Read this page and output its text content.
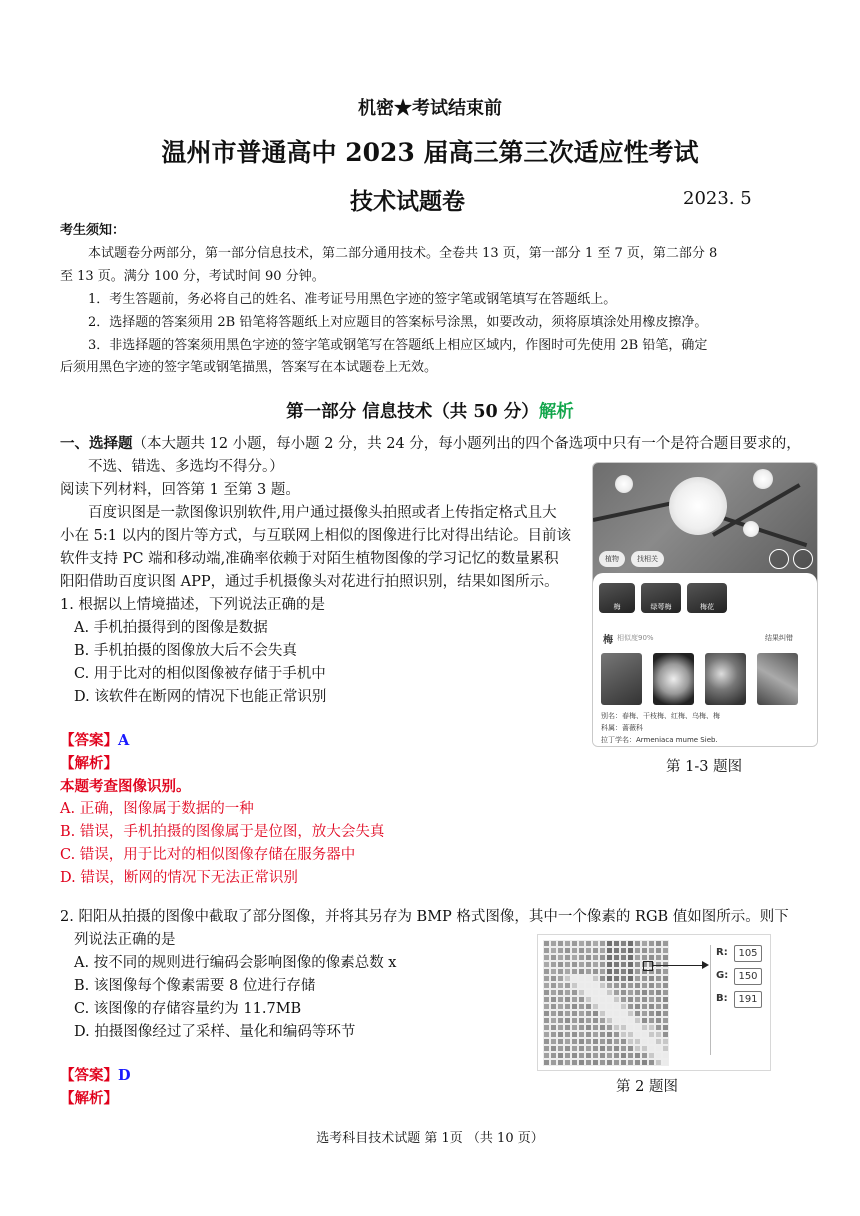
机密★考试结束前
温州市普通高中 2023 届高三第三次适应性考试
技术试题卷	2023. 5
考生须知：
本试题卷分两部分，第一部分信息技术，第二部分通用技术。全卷共 13 页，第一部分 1 至 7 页，第二部分 8
至 13 页。满分 100 分，考试时间 90 分钟。
1．考生答题前，务必将自己的姓名、准考证号用黑色字迹的签字笔或钢笔填写在答题纸上。
2．选择题的答案须用 2B 铅笔将答题纸上对应题目的答案标号涂黑，如要改动，须将原填涂处用橡皮擦净。
3．非选择题的答案须用黑色字迹的签字笔或钢笔写在答题纸上相应区域内，作图时可先使用 2B 铅笔，确定
后须用黑色字迹的签字笔或钢笔描黑，答案写在本试题卷上无效。
第一部分 信息技术（共 50 分）解析
一、选择题（本大题共 12 小题，每小题 2 分，共 24 分，每小题列出的四个备选项中只有一个是符合题目要求的，
不选、错选、多选均不得分。）
阅读下列材料，回答第 1 至第 3 题。
百度识图是一款图像识别软件,用户通过摄像头拍照或者上传指定格式且大
小在 5:1 以内的图片等方式，与互联网上相似的图像进行比对得出结论。目前该
软件支持 PC 端和移动端,准确率依赖于对陌生植物图像的学习记忆的数量累积
阳阳借助百度识图 APP，通过手机摄像头对花进行拍照识别，结果如图所示。
1. 根据以上情境描述，下列说法正确的是
A. 手机拍摄得到的图像是数据
B. 手机拍摄的图像放大后不会失真
C. 用于比对的相似图像被存储于手机中
D. 该软件在断网的情况下也能正常识别
【答案】A
【解析】
本题考查图像识别。
A. 正确，图像属于数据的一种
B. 错误，手机拍摄的图像属于是位图，放大会失真
C. 错误，用于比对的相似图像存储在服务器中
D. 错误，断网的情况下无法正常识别
植物	找相关
梅	绿萼梅	梅花
梅 相似度90%	结果纠错
别名：春梅、干枝梅、红梅、乌梅、梅
科属：蔷薇科
拉丁学名：Armeniaca mume Sieb.
第 1-3 题图
2. 阳阳从拍摄的图像中截取了部分图像，并将其另存为 BMP 格式图像，其中一个像素的 RGB 值如图所示。则下
列说法正确的是
A. 按不同的规则进行编码会影响图像的像素总数 x
B. 该图像每个像素需要 8 位进行存储
C. 该图像的存储容量约为 11.7MB
D. 拍摄图像经过了采样、量化和编码等环节
【答案】D
【解析】
R:	105
G:	150
B:	191
第 2 题图
选考科目技术试题 第 1页 （共 10 页）
